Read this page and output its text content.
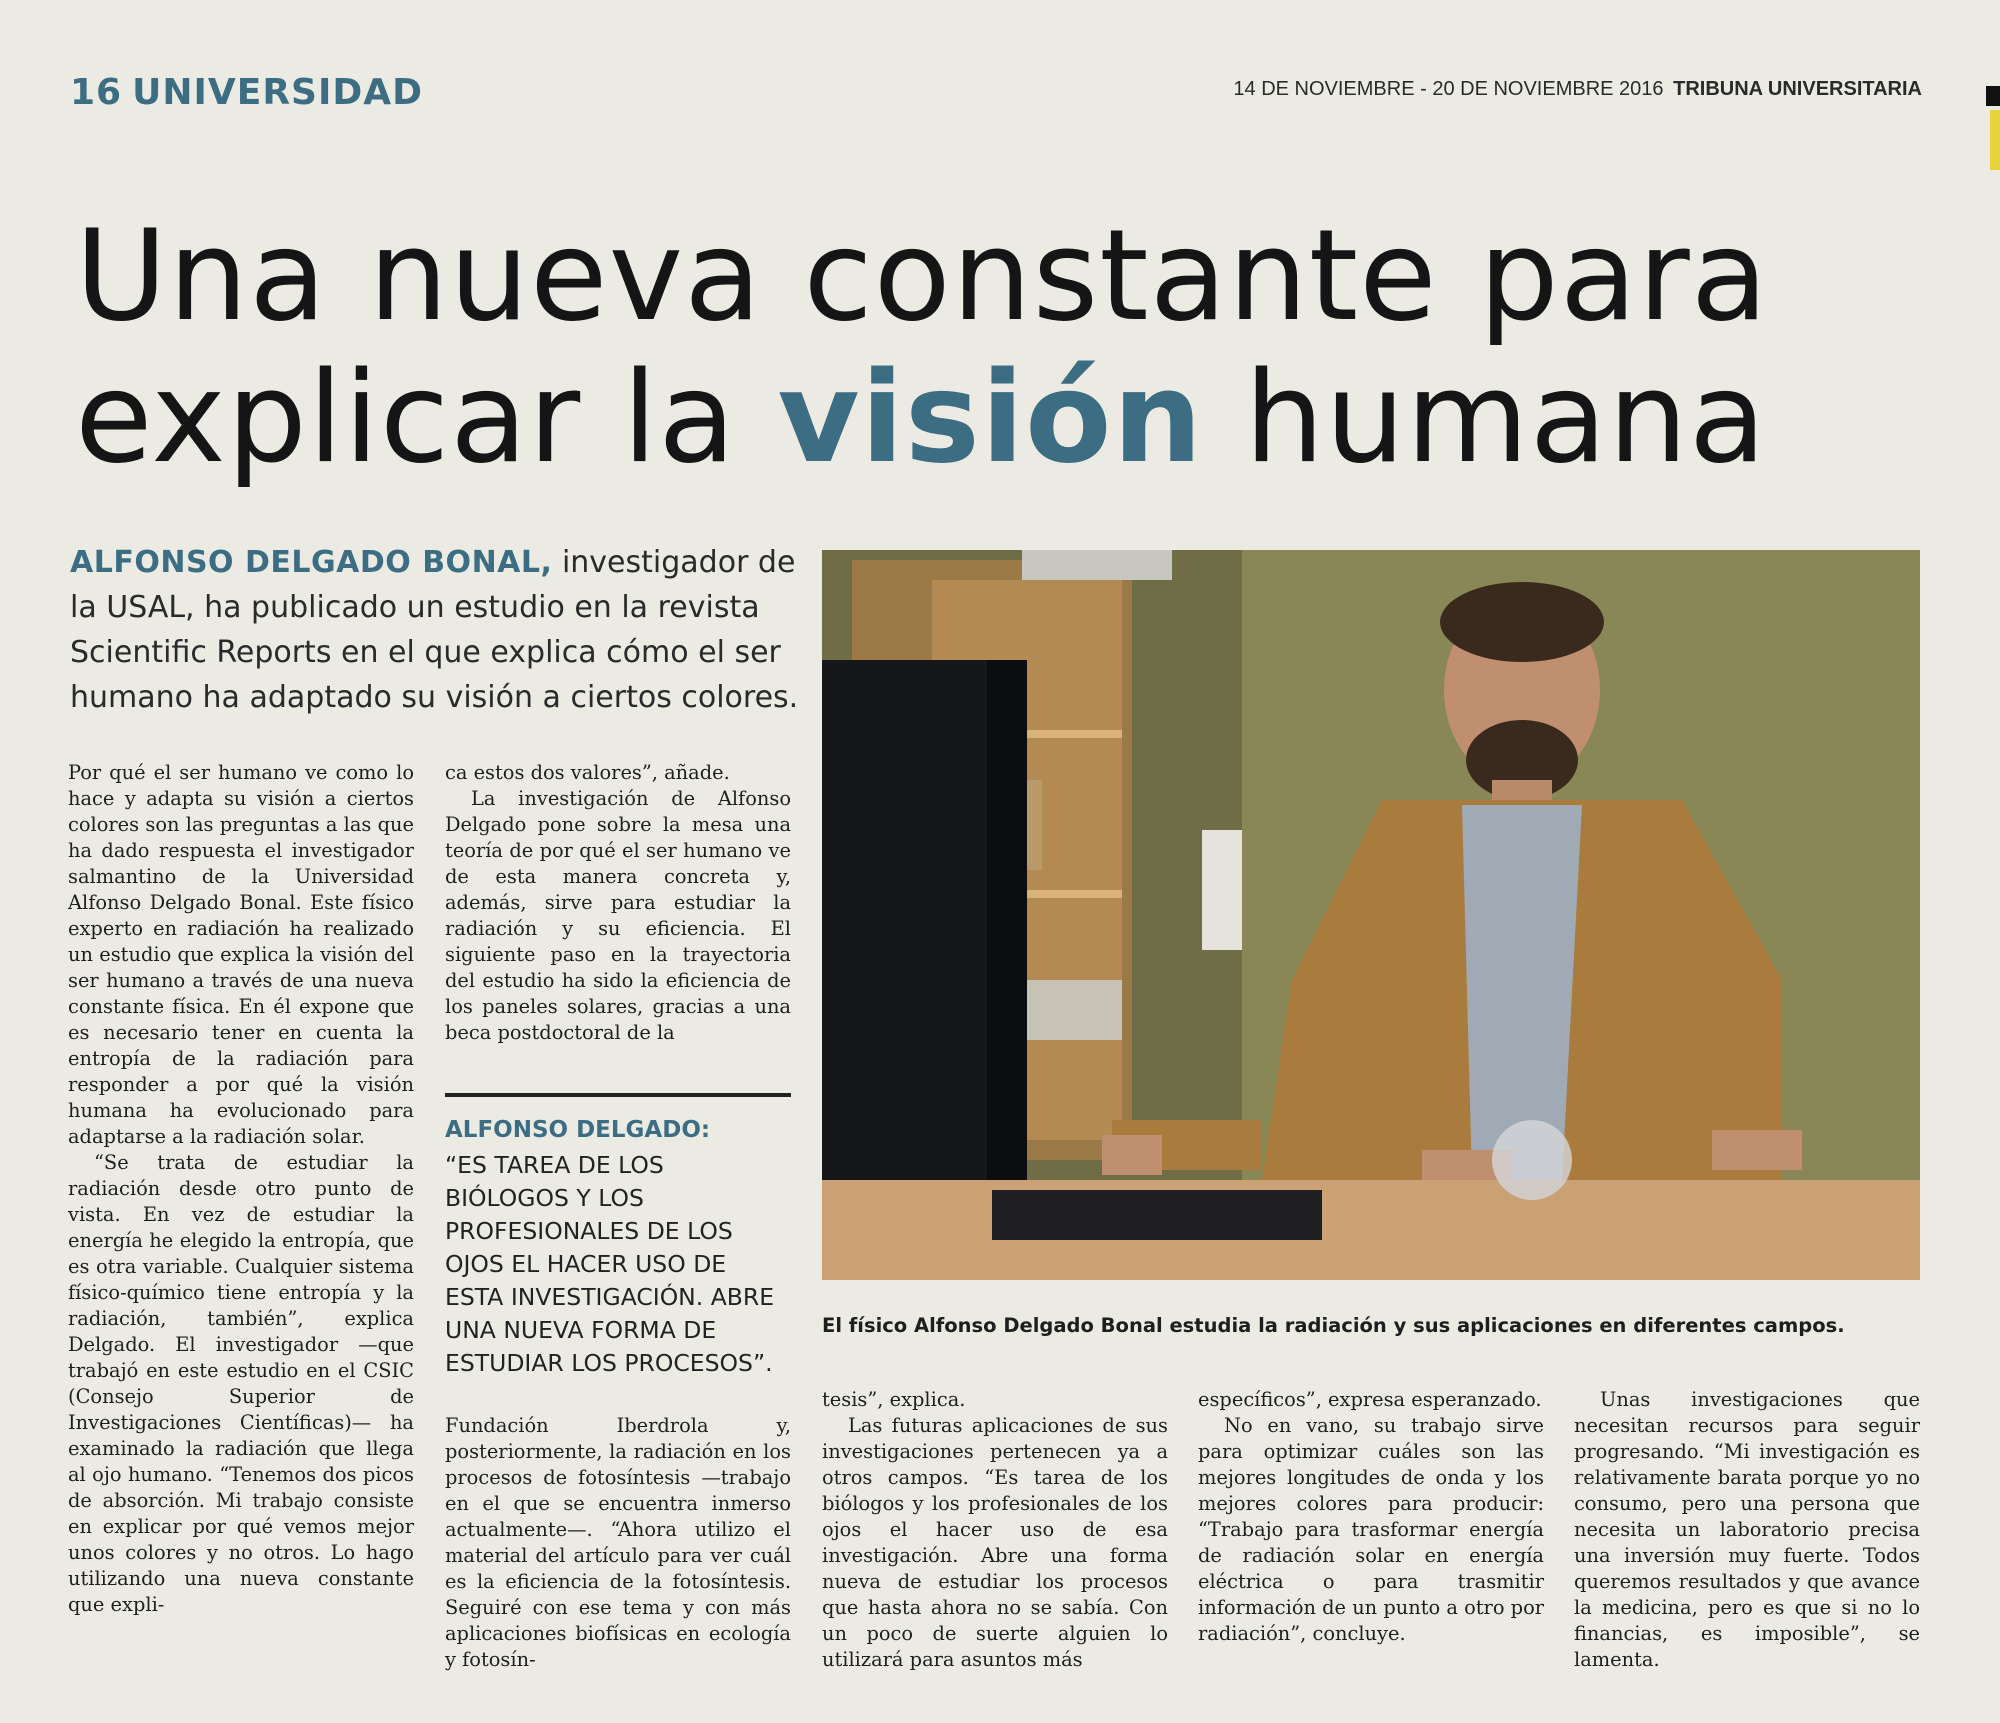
16 UNIVERSIDAD	14 DE NOVIEMBRE - 20 DE NOVIEMBRE 2016 TRIBUNA UNIVERSITARIA
Una nueva constante para
explicar la visión humana
ALFONSO DELGADO BONAL, investigador de la USAL, ha publicado un estudio en la revista Scientific Reports en el que explica cómo el ser humano ha adaptado su visión a ciertos colores.
El físico Alfonso Delgado Bonal estudia la radiación y sus aplicaciones en diferentes campos.

Por qué el ser humano ve como lo hace y adapta su visión a ciertos colores son las preguntas a las que ha dado respuesta el investigador salmantino de la Universidad Alfonso Delgado Bonal. Este físico experto en radiación ha realizado un estudio que explica la visión del ser humano a través de una nueva constante física. En él expone que es necesario tener en cuenta la entropía de la radiación para responder a por qué la visión humana ha evolucionado para adaptarse a la radiación solar.

“Se trata de estudiar la radiación desde otro punto de vista. En vez de estudiar la energía he elegido la entropía, que es otra variable. Cualquier sistema físico-químico tiene entropía y la radiación, también”, explica Delgado. El investigador —que trabajó en este estudio en el CSIC (Consejo Superior de Investigaciones Científicas)— ha examinado la radiación que llega al ojo humano. “Tenemos dos picos de absorción. Mi trabajo consiste en explicar por qué vemos mejor unos colores y no otros. Lo hago utilizando una nueva constante que expli-

ca estos dos valores”, añade.

La investigación de Alfonso Delgado pone sobre la mesa una teoría de por qué el ser humano ve de esta manera concreta y, además, sirve para estudiar la radiación y su eficiencia. El siguiente paso en la trayectoria del estudio ha sido la eficiencia de los paneles solares, gracias a una beca postdoctoral de la

ALFONSO DELGADO:
“ES TAREA DE LOS BIÓLOGOS Y LOS PROFESIONALES DE LOS OJOS EL HACER USO DE ESTA INVESTIGACIÓN. ABRE UNA NUEVA FORMA DE ESTUDIAR LOS PROCESOS”.

Fundación Iberdrola y, posteriormente, la radiación en los procesos de fotosíntesis —trabajo en el que se encuentra inmerso actualmente—. “Ahora utilizo el material del artículo para ver cuál es la eficiencia de la fotosíntesis. Seguiré con ese tema y con más aplicaciones biofísicas en ecología y fotosín-

tesis”, explica.

Las futuras aplicaciones de sus investigaciones pertenecen ya a otros campos. “Es tarea de los biólogos y los profesionales de los ojos el hacer uso de esa investigación. Abre una forma nueva de estudiar los procesos que hasta ahora no se sabía. Con un poco de suerte alguien lo utilizará para asuntos más

específicos”, expresa esperanzado.

No en vano, su trabajo sirve para optimizar cuáles son las mejores longitudes de onda y los mejores colores para producir: “Trabajo para trasformar energía de radiación solar en energía eléctrica o para trasmitir información de un punto a otro por radiación”, concluye.

Unas investigaciones que necesitan recursos para seguir progresando. “Mi investigación es relativamente barata porque yo no consumo, pero una persona que necesita un laboratorio precisa una inversión muy fuerte. Todos queremos resultados y que avance la medicina, pero es que si no lo financias, es imposible”, se lamenta.
